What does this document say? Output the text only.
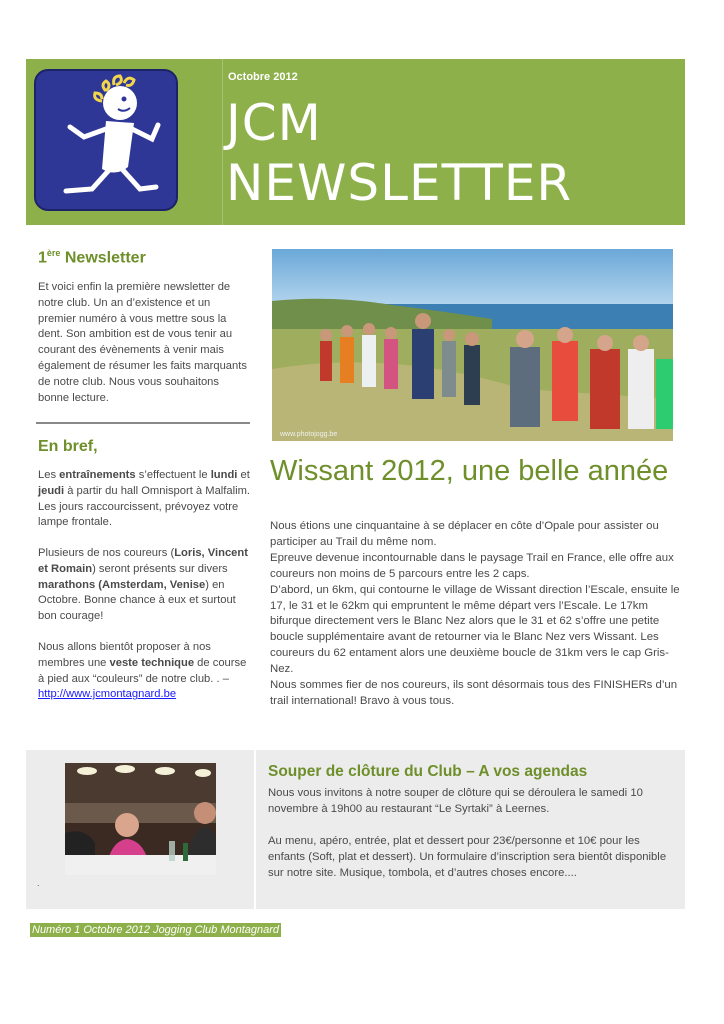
Octobre 2012
JCM
NEWSLETTER
1ère Newsletter
Et voici enfin la première newsletter de notre club. Un an d’existence et un premier numéro à vous mettre sous la dent. Son ambition est de vous tenir au courant des évènements à venir mais également de résumer les faits marquants de notre club. Nous vous souhaitons bonne lecture.
En bref,
Les entraînements s’effectuent le lundi et jeudi à partir du hall Omnisport à Malfalim. Les jours raccourcissent, prévoyez votre lampe frontale.
Plusieurs de nos coureurs (Loris, Vincent et Romain) seront présents sur divers marathons (Amsterdam, Venise) en Octobre. Bonne chance à eux et surtout bon courage!
Nous allons bientôt proposer à nos membres une veste technique de course à pied aux “couleurs” de notre club. . – http://www.jcmontagnard.be
www.photojogg.be
Wissant 2012, une belle année

Nous étions une cinquantaine à se déplacer en côte d’Opale pour assister ou participer au Trail du même nom.

Epreuve devenue incontournable dans le paysage Trail en France, elle offre aux coureurs non moins de 5 parcours entre les 2 caps.

D’abord, un 6km, qui contourne le village de Wissant direction l’Escale, ensuite le 17, le 31 et le 62km qui empruntent le même départ vers l’Escale. Le 17km bifurque directement vers le Blanc Nez alors que le 31 et 62 s’offre une petite boucle supplémentaire avant de retourner via le Blanc Nez vers Wissant. Les coureurs du 62 entament alors une deuxième boucle de 31km vers le cap Gris-Nez.

Nous sommes fier de nos coureurs, ils sont désormais tous des FINISHERs d’un trail international! Bravo à vous tous.

.
Souper de clôture du Club – A vos agendas
Nous vous invitons à notre souper de clôture qui se déroulera le samedi 10 novembre à 19h00 au restaurant “Le Syrtaki” à Leernes.
Au menu, apéro, entrée, plat et dessert pour 23€/personne et 10€ pour les enfants (Soft, plat et dessert). Un formulaire d’inscription sera bientôt disponible sur notre site. Musique, tombola, et d’autres choses encore....
Numéro 1 Octobre 2012 Jogging Club Montagnard
